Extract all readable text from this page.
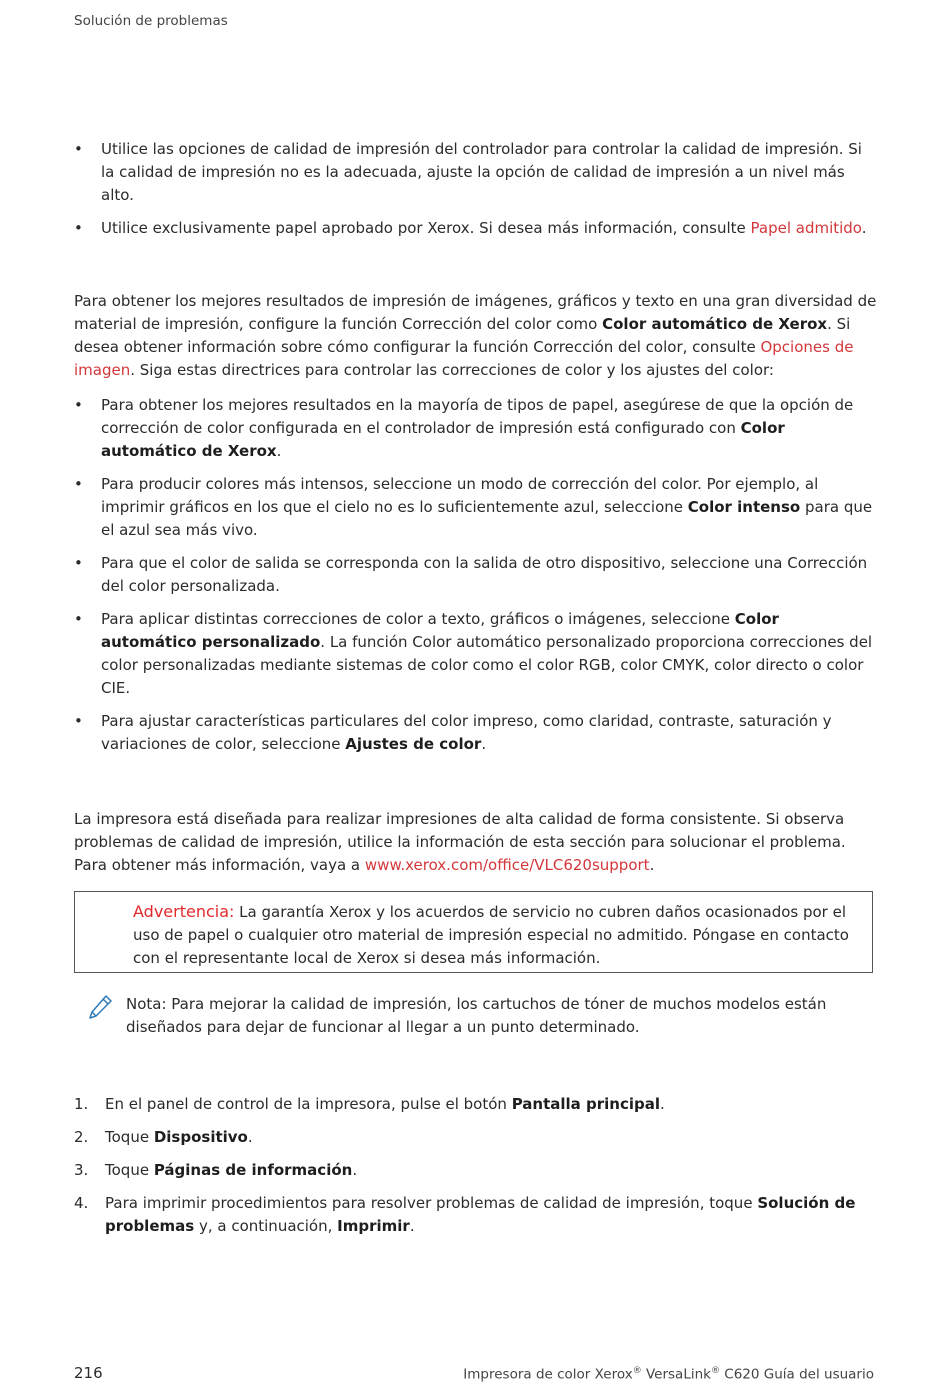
Solución de problemas
• Utilice las opciones de calidad de impresión del controlador para controlar la calidad de impresión. Si la calidad de impresión no es la adecuada, ajuste la opción de calidad de impresión a un nivel más alto.
• Utilice exclusivamente papel aprobado por Xerox. Si desea más información, consulte Papel admitido.

Para obtener los mejores resultados de impresión de imágenes, gráficos y texto en una gran diversidad de material de impresión, configure la función Corrección del color como Color automático de Xerox. Si desea obtener información sobre cómo configurar la función Corrección del color, consulte Opciones de imagen. Siga estas directrices para controlar las correcciones de color y los ajustes del color:

• Para obtener los mejores resultados en la mayoría de tipos de papel, asegúrese de que la opción de corrección de color configurada en el controlador de impresión está configurado con Color automático de Xerox.
• Para producir colores más intensos, seleccione un modo de corrección del color. Por ejemplo, al imprimir gráficos en los que el cielo no es lo suficientemente azul, seleccione Color intenso para que el azul sea más vivo.
• Para que el color de salida se corresponda con la salida de otro dispositivo, seleccione una Corrección del color personalizada.
• Para aplicar distintas correcciones de color a texto, gráficos o imágenes, seleccione Color automático personalizado. La función Color automático personalizado proporciona correcciones del color personalizadas mediante sistemas de color como el color RGB, color CMYK, color directo o color CIE.
• Para ajustar características particulares del color impreso, como claridad, contraste, saturación y variaciones de color, seleccione Ajustes de color.

La impresora está diseñada para realizar impresiones de alta calidad de forma consistente. Si observa problemas de calidad de impresión, utilice la información de esta sección para solucionar el problema. Para obtener más información, vaya a www.xerox.com/office/VLC620support.

Advertencia: La garantía Xerox y los acuerdos de servicio no cubren daños ocasionados por el uso de papel o cualquier otro material de impresión especial no admitido. Póngase en contacto con el representante local de Xerox si desea más información.
Nota: Para mejorar la calidad de impresión, los cartuchos de tóner de muchos modelos están diseñados para dejar de funcionar al llegar a un punto determinado.
1. En el panel de control de la impresora, pulse el botón Pantalla principal.
2. Toque Dispositivo.
3. Toque Páginas de información.
4. Para imprimir procedimientos para resolver problemas de calidad de impresión, toque Solución de problemas y, a continuación, Imprimir.
216	Impresora de color Xerox® VersaLink® C620 Guía del usuario
